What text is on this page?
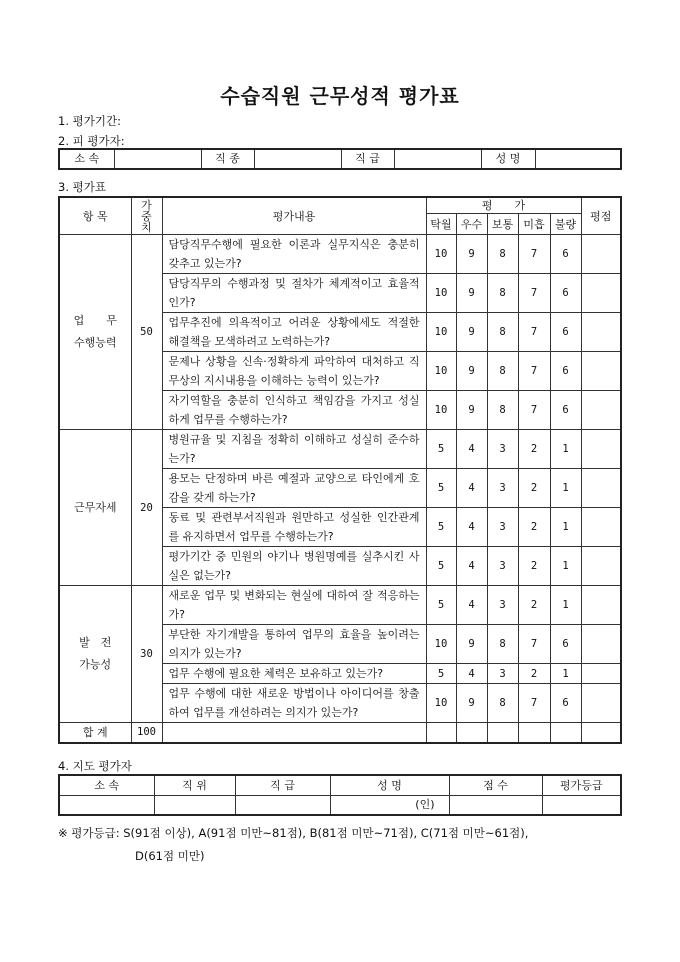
수습직원 근무성적 평가표
1. 평가기간:
2. 피 평가자:
소 속		직 종		직 급		성 명	
3. 평가표
항 목	가중치	평가내용	평　　가					평점
			탁월	우수	보통	미흡	불량	
업　　무
수행능력	50	담당직무수행에 필요한 이론과 실무지식은 충분히 갖추고 있는가?	10	9	8	7	6	
		담당직무의 수행과정 및 절차가 체계적이고 효율적인가?	10	9	8	7	6	
		업무추진에 의욕적이고 어려운 상황에세도 적절한 해결책을 모색하려고 노력하는가?	10	9	8	7	6	
		문제나 상황을 신속·정확하게 파악하여 대처하고 직무상의 지시내용을 이해하는 능력이 있는가?	10	9	8	7	6	
		자기역할을 충분히 인식하고 책임감을 가지고 성실하게 업무를 수행하는가?	10	9	8	7	6	
근무자세	20	병원규율 및 지침을 정확히 이해하고 성실히 준수하는가?	5	4	3	2	1	
		용모는 단정하며 바른 예절과 교양으로 타인에게 호감을 갖게 하는가?	5	4	3	2	1	
		동료 및 관련부서직원과 원만하고 성실한 인간관계를 유지하면서 업무를 수행하는가?	5	4	3	2	1	
		평가기간 중 민원의 야기나 병원명예를 실추시킨 사실은 없는가?	5	4	3	2	1	
발　전
가능성	30	새로운 업무 및 변화되는 현실에 대하여 잘 적응하는가?	5	4	3	2	1	
		부단한 자기개발을 통하여 업무의 효율을 높이려는 의지가 있는가?	10	9	8	7	6	
		업무 수행에 필요한 체력은 보유하고 있는가?	5	4	3	2	1	
		업무 수행에 대한 새로운 방법이나 아이디어를 창출하여 업무를 개선하려는 의지가 있는가?	10	9	8	7	6	
합 계	100							
4. 지도 평가자
소 속	직 위	직 급	성 명	점 수	평가등급
			(인)		
※ 평가등급: S(91점 이상), A(91점 미만~81점), B(81점 미만~71점), C(71점 미만~61점),
D(61점 미만)
